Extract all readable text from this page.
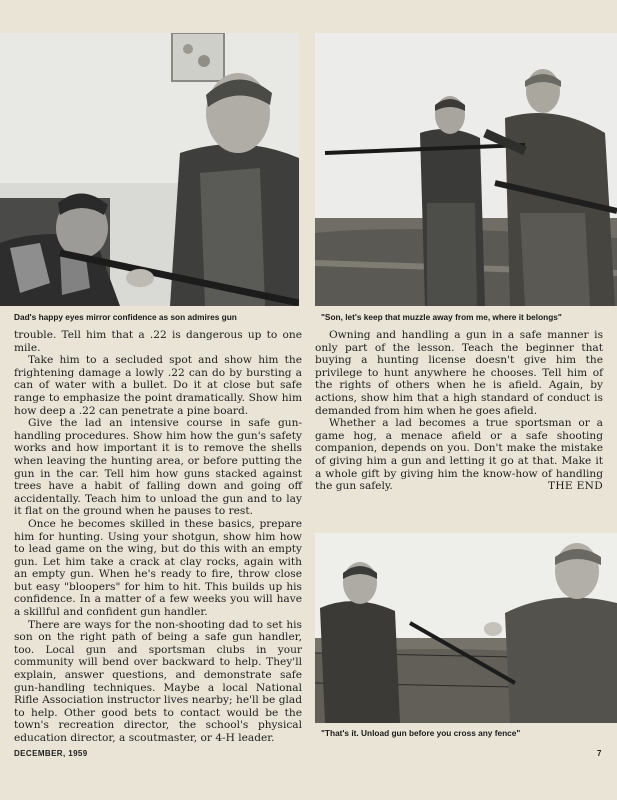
Dad's happy eyes mirror confidence as son admires gun	"Son, let's keep that muzzle away from me, where it belongs"

trouble. Tell him that a .22 is dangerous up to one mile.

Take him to a secluded spot and show him the frightening damage a lowly .22 can do by bursting a can of water with a bullet. Do it at close but safe range to emphasize the point dramatically. Show him how deep a .22 can penetrate a pine board.

Give the lad an intensive course in safe gun-handling procedures. Show him how the gun's safety works and how important it is to remove the shells when leaving the hunting area, or before putting the gun in the car. Tell him how guns stacked against trees have a habit of falling down and going off accidentally. Teach him to unload the gun and to lay it flat on the ground when he pauses to rest.

Once he becomes skilled in these basics, prepare him for hunting. Using your shotgun, show him how to lead game on the wing, but do this with an empty gun. Let him take a crack at clay rocks, again with an empty gun. When he's ready to fire, throw close but easy "bloopers" for him to hit. This builds up his confidence. In a matter of a few weeks you will have a skillful and confident gun handler.

There are ways for the non-shooting dad to set his son on the right path of being a safe gun handler, too. Local gun and sportsman clubs in your community will bend over backward to help. They'll explain, answer questions, and demonstrate safe gun-handling techniques. Maybe a local National Rifle Association instructor lives nearby; he'll be glad to help. Other good bets to contact would be the town's recreation director, the school's physical education director, a scoutmaster, or 4-H leader.

Owning and handling a gun in a safe manner is only part of the lesson. Teach the beginner that buying a hunting license doesn't give him the privilege to hunt anywhere he chooses. Tell him of the rights of others when he is afield. Again, by actions, show him that a high standard of conduct is demanded from him when he goes afield.

Whether a lad becomes a true sportsman or a game hog, a menace afield or a safe shooting companion, depends on you. Don't make the mistake of giving him a gun and letting it go at that. Make it a whole gift by giving him the know-how of handling the gun safely.	THE END

"That's it. Unload gun before you cross any fence"
DECEMBER, 1959	7
